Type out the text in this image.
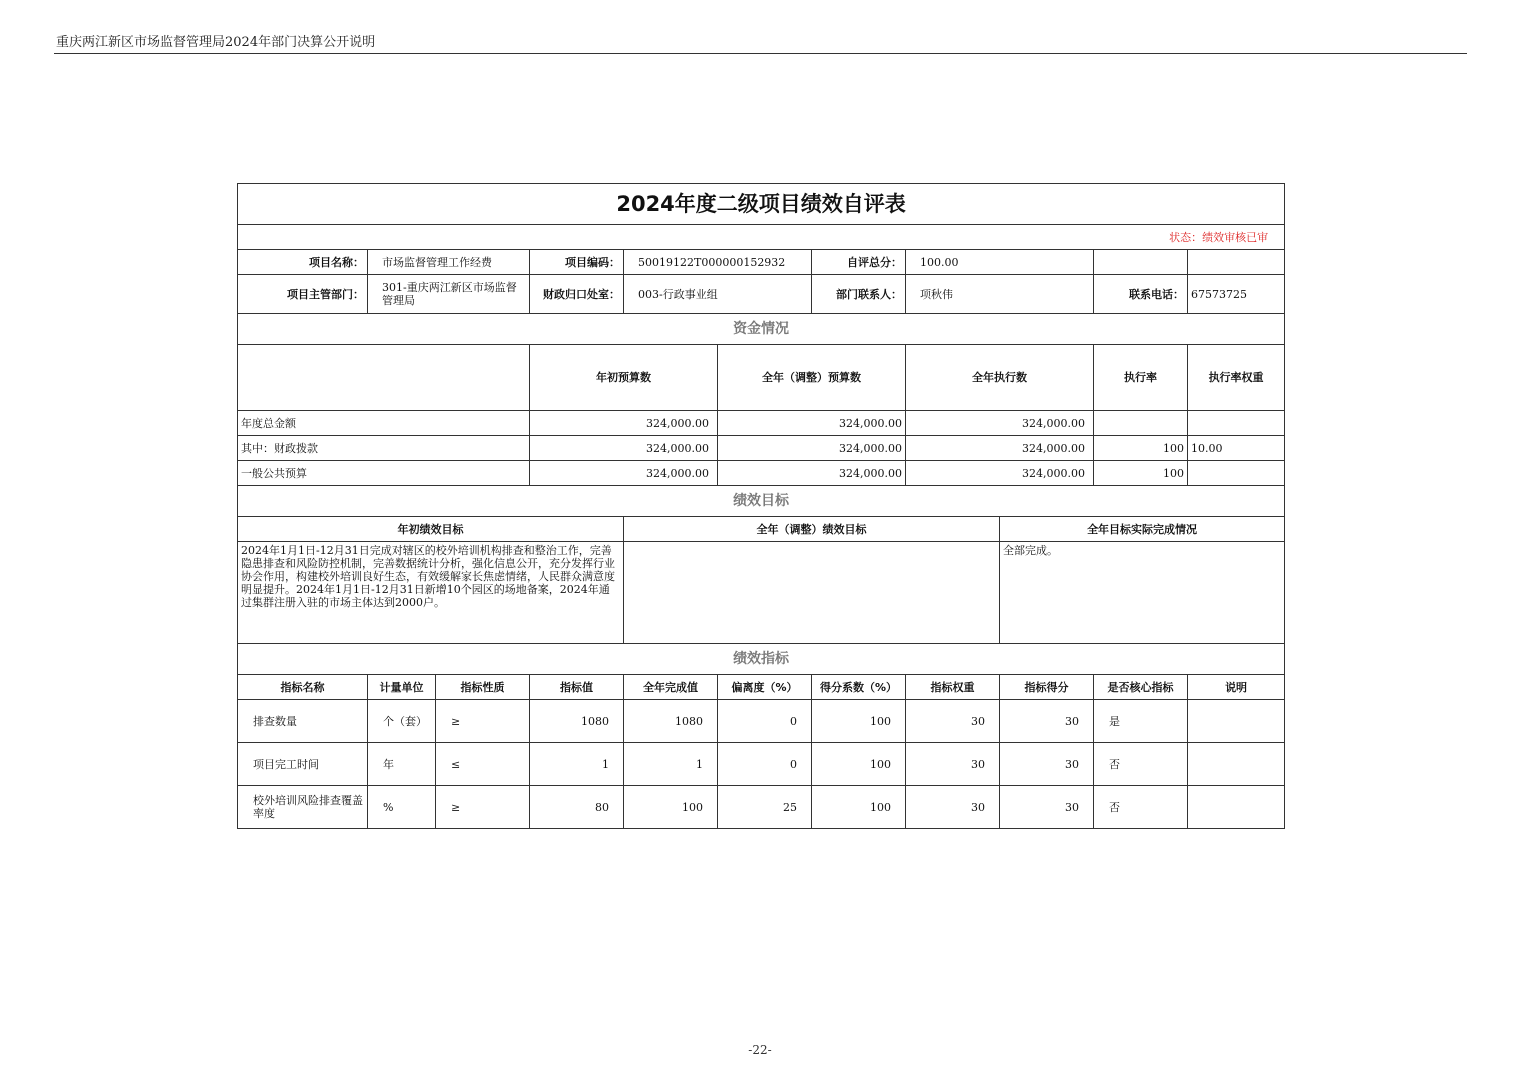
重庆两江新区市场监督管理局2024年部门决算公开说明
2024年度二级项目绩效自评表											
状态：绩效审核已审											
项目名称：	市场监督管理工作经费		项目编码：	50019122T000000152932		自评总分：	100.00				
项目主管部门：	301-重庆两江新区市场监督管理局		财政归口处室：	003-行政事业组		部门联系人：	项秋伟		联系电话：	67573725	
资金情况											
			年初预算数		全年（调整）预算数		全年执行数		执行率	执行率权重	
年度总金额			324,000.00		324,000.00		324,000.00				
其中：财政拨款			324,000.00		324,000.00		324,000.00		100	10.00	
一般公共预算			324,000.00		324,000.00		324,000.00		100		
绩效目标											
年初绩效目标				全年（调整）绩效目标				全年目标实际完成情况			
2024年1月1日-12月31日完成对辖区的校外培训机构排查和整治工作，完善隐患排查和风险防控机制，完善数据统计分析，强化信息公开，充分发挥行业协会作用，构建校外培训良好生态，有效缓解家长焦虑情绪，人民群众满意度明显提升。2024年1月1日-12月31日新增10个园区的场地备案，2024年通过集群注册入驻的市场主体达到2000户。								全部完成。			
绩效指标											
指标名称	计量单位	指标性质	指标值	全年完成值	偏离度（%）	得分系数（%）	指标权重	指标得分	是否核心指标	说明	
排查数量	个（套）	≥	1080	1080	0	100	30	30	是		
项目完工时间	年	≤	1	1	0	100	30	30	否		
校外培训风险排查覆盖率度	%	≥	80	100	25	100	30	30	否		
-22-
